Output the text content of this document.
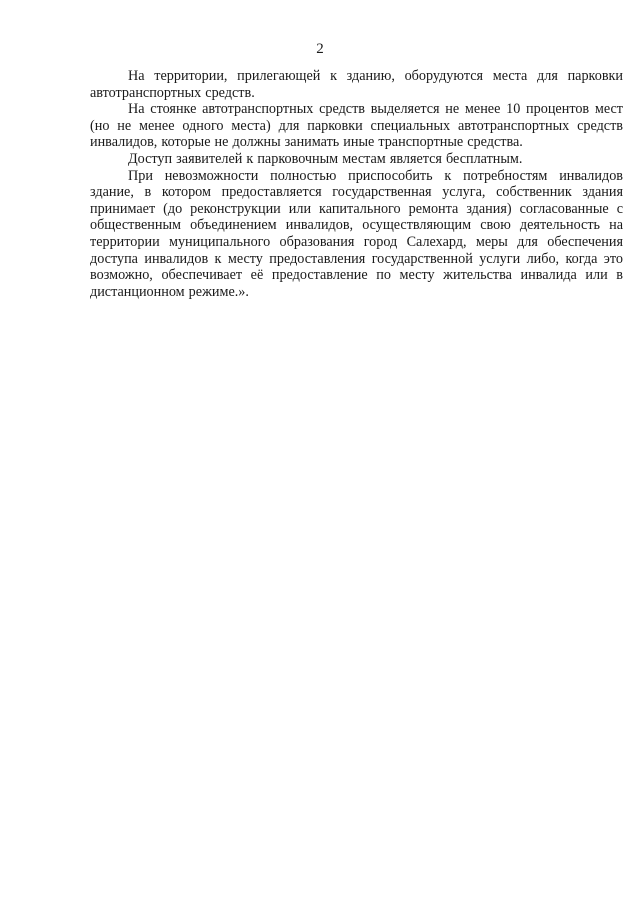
2

На территории, прилегающей к зданию, оборудуются места для парковки автотранспортных средств.

На стоянке автотранспортных средств выделяется не менее 10 процентов мест (но не менее одного места) для парковки специальных автотранспортных средств инвалидов, которые не должны занимать иные транспортные средства.

Доступ заявителей к парковочным местам является бесплатным.

При невозможности полностью приспособить к потребностям инвалидов здание, в котором предоставляется государственная услуга, собственник здания принимает (до реконструкции или капитального ремонта здания) согласованные с общественным объединением инвалидов, осуществляющим свою деятельность на территории муниципального образования город Салехард, меры для обеспечения доступа инвалидов к месту предоставления государственной услуги либо, когда это возможно, обеспечивает её предоставление по месту жительства инвалида или в дистанционном режиме.».
